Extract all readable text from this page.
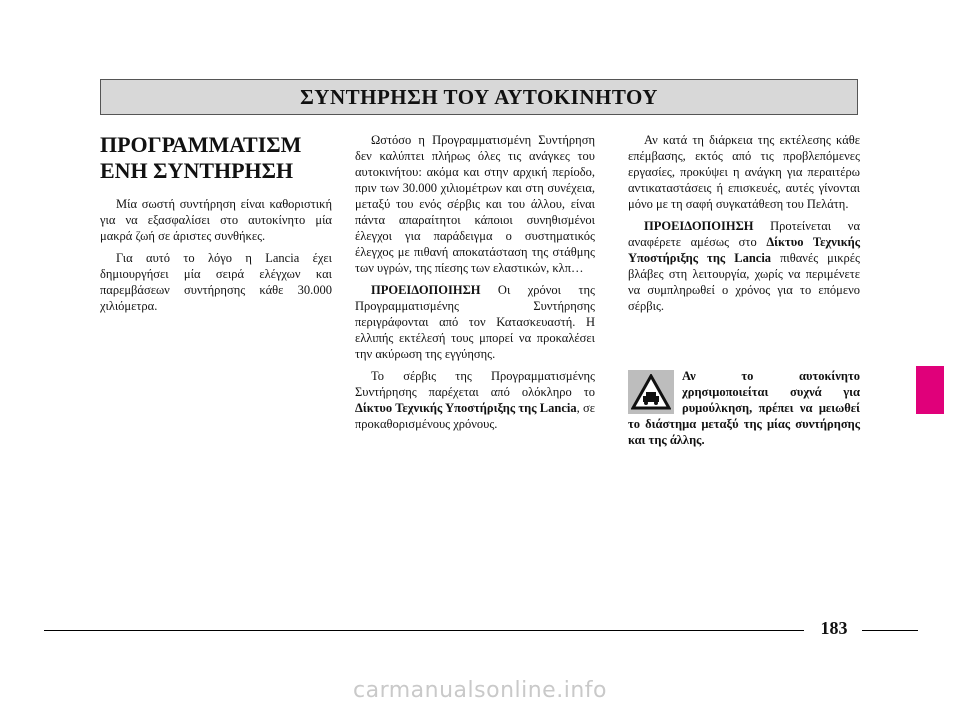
ΣΥΝΤΗΡΗΣΗ ΤΟΥ ΑΥΤΟΚΙΝΗΤΟΥ
ΠΡΟΓΡΑΜΜΑΤΙΣΜ
ΕΝΗ ΣΥΝΤΗΡΗΣΗ

Μία σωστή συντήρηση είναι καθοριστική για να εξασφαλίσει στο αυτοκίνητο μία μακρά ζωή σε άριστες συνθήκες.

Για αυτό το λόγο η Lancia έχει δημιουργήσει μία σειρά ελέγχων και παρεμβάσεων συντήρησης κάθε 30.000 χιλιόμετρα.

Ωστόσο η Προγραμματισμένη Συντήρηση δεν καλύπτει πλήρως όλες τις ανάγκες του αυτοκινήτου: ακόμα και στην αρχική περίοδο, πριν των 30.000 χιλιομέτρων και στη συνέχεια, μεταξύ του ενός σέρβις και του άλλου, είναι πάντα απαραίτητοι κάποιοι συνηθισμένοι έλεγχοι για παράδειγμα ο συστηματικός έλεγχος με πιθανή αποκατάσταση της στάθμης των υγρών, της πίεσης των ελαστικών, κλπ…

ΠΡΟΕΙΔΟΠΟΙΗΣΗ Οι χρόνοι της Προγραμματισμένης Συντήρησης περιγράφονται από τον Κατασκευαστή. Η ελλιπής εκτέλεσή τους μπορεί να προκαλέσει την ακύρωση της εγγύησης.

Το σέρβις της Προγραμματισμένης Συντήρησης παρέχεται από ολόκληρο το Δίκτυο Τεχνικής Υποστήριξης της Lancia, σε προκαθορισμένους χρόνους.

Αν κατά τη διάρκεια της εκτέλεσης κάθε επέμβασης, εκτός από τις προβλεπόμενες εργασίες, προκύψει η ανάγκη για περαιτέρω αντικαταστάσεις ή επισκευές, αυτές γίνονται μόνο με τη σαφή συγκατάθεση του Πελάτη.

ΠΡΟΕΙΔΟΠΟΙΗΣΗ Προτείνεται να αναφέρετε αμέσως στο Δίκτυο Τεχνικής Υποστήριξης της Lancia πιθανές μικρές βλάβες στη λειτουργία, χωρίς να περιμένετε να συμπληρωθεί ο χρόνος για το επόμενο σέρβις.

Αν το αυτοκίνητο χρησιμοποιείται συχνά για ρυμούλκηση, πρέπει να μειωθεί το διάστημα μεταξύ της μίας συντήρησης και της άλλης.
183
carmanualsonline.info
